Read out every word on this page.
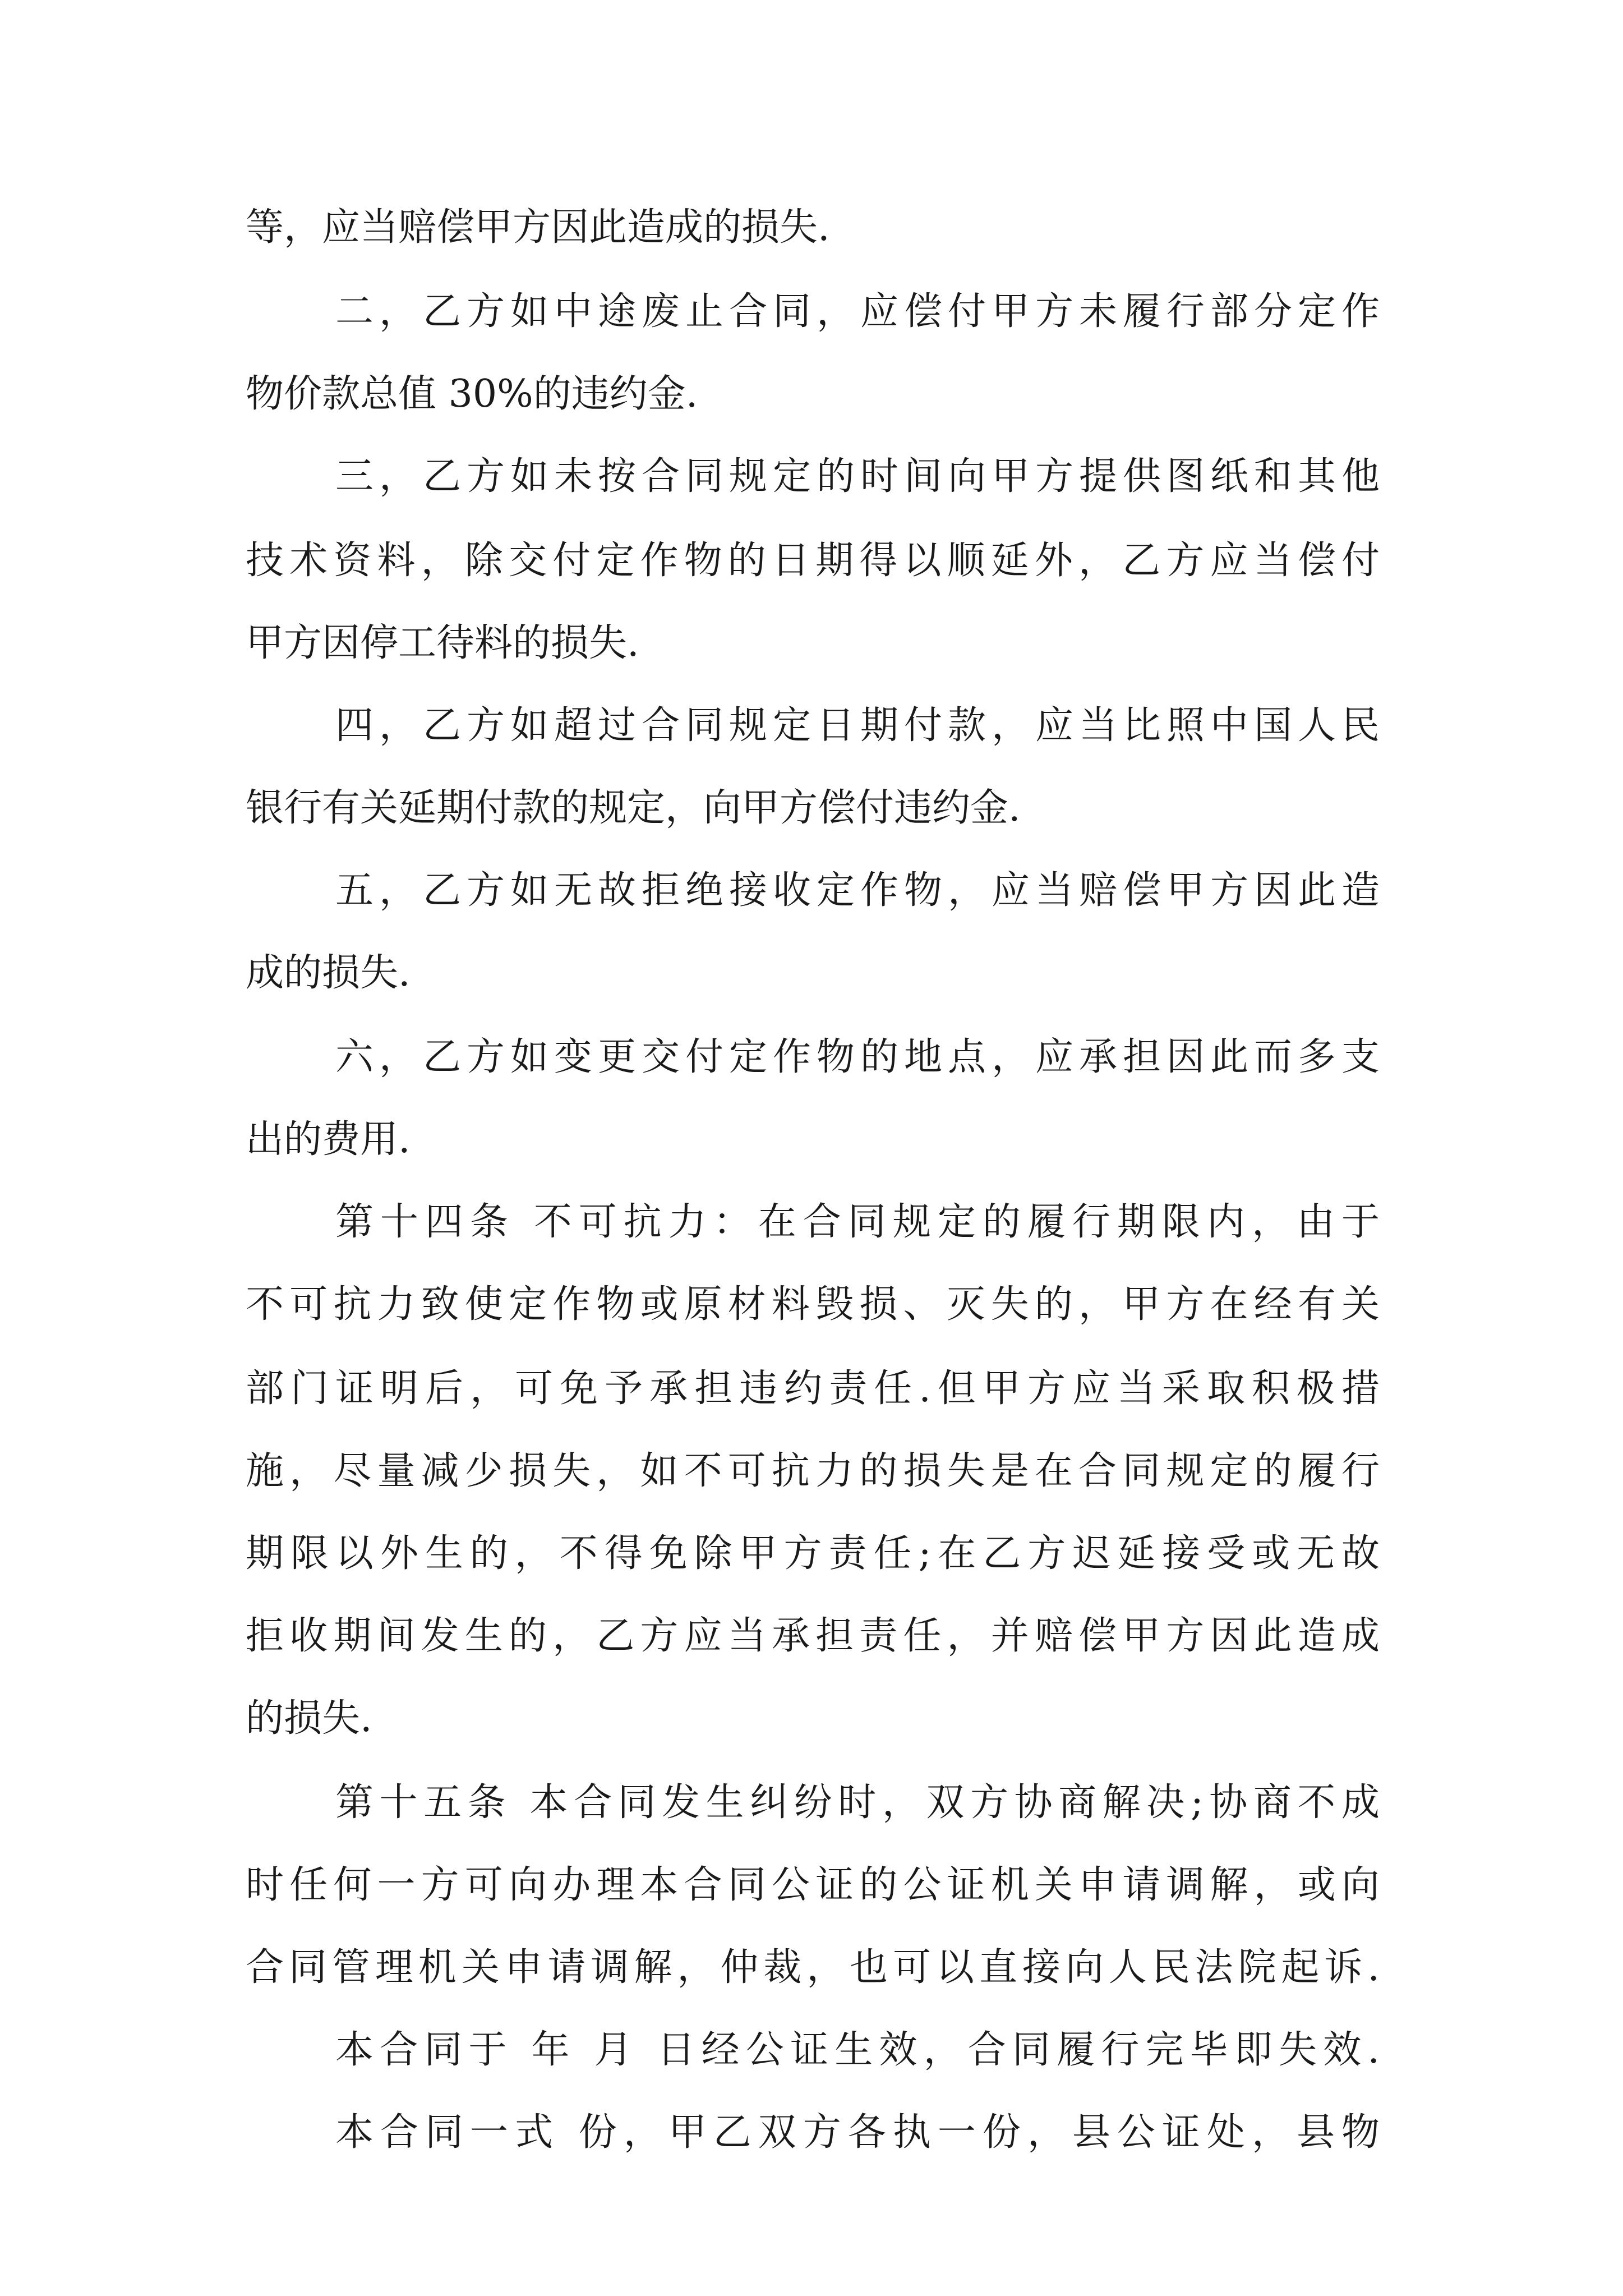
等，应当赔偿甲方因此造成的损失.
二，乙方如中途废止合同，应偿付甲方未履行部分定作
物价款总值 30%的违约金.
三，乙方如未按合同规定的时间向甲方提供图纸和其他
技术资料，除交付定作物的日期得以顺延外，乙方应当偿付
甲方因停工待料的损失.
四，乙方如超过合同规定日期付款，应当比照中国人民
银行有关延期付款的规定，向甲方偿付违约金.
五，乙方如无故拒绝接收定作物，应当赔偿甲方因此造
成的损失.
六，乙方如变更交付定作物的地点，应承担因此而多支
出的费用.
第十四条 不可抗力：在合同规定的履行期限内，由于
不可抗力致使定作物或原材料毁损、灭失的，甲方在经有关
部门证明后，可免予承担违约责任.但甲方应当采取积极措
施，尽量减少损失，如不可抗力的损失是在合同规定的履行
期限以外生的，不得免除甲方责任;在乙方迟延接受或无故
拒收期间发生的，乙方应当承担责任，并赔偿甲方因此造成
的损失.
第十五条 本合同发生纠纷时，双方协商解决;协商不成
时任何一方可向办理本合同公证的公证机关申请调解，或向
合同管理机关申请调解，仲裁，也可以直接向人民法院起诉.
本合同于 年 月 日经公证生效，合同履行完毕即失效.
本合同一式 份，甲乙双方各执一份，县公证处，县物
